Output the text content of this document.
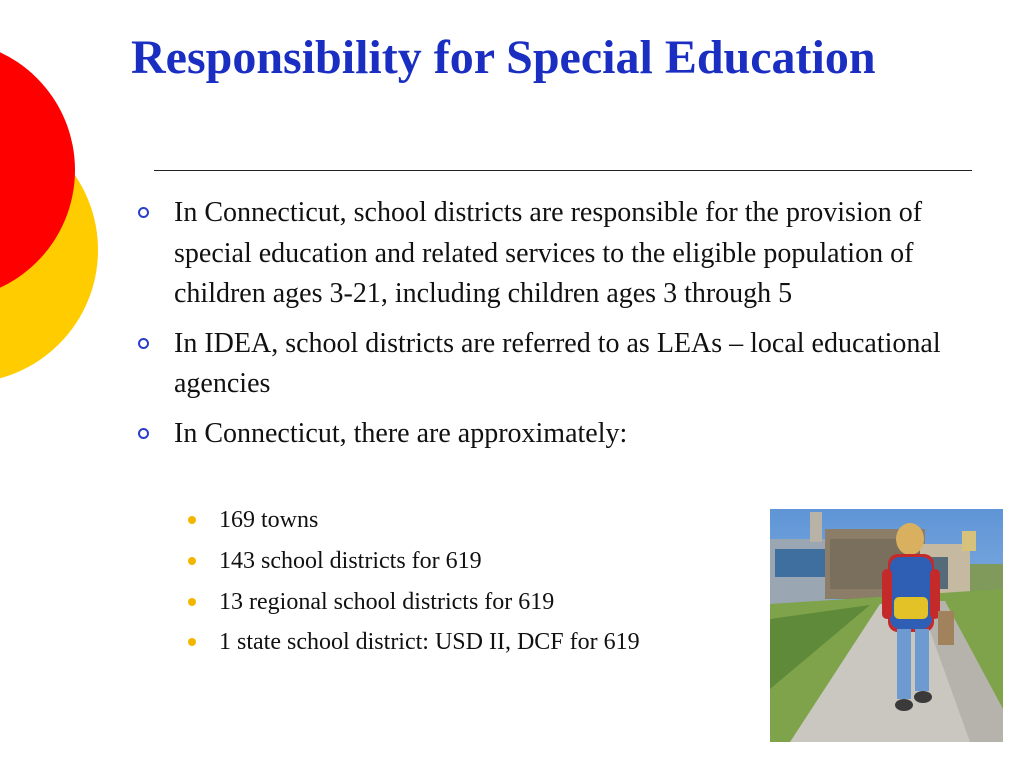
Responsibility for Special Education
In Connecticut, school districts are responsible for the provision of special education and related services to the eligible population of children ages 3-21, including children ages 3 through 5
In IDEA, school districts are referred to as LEAs – local educational agencies
In Connecticut, there are approximately:
169 towns
143 school districts for 619
13 regional school districts for 619
1 state school district: USD II, DCF for 619
